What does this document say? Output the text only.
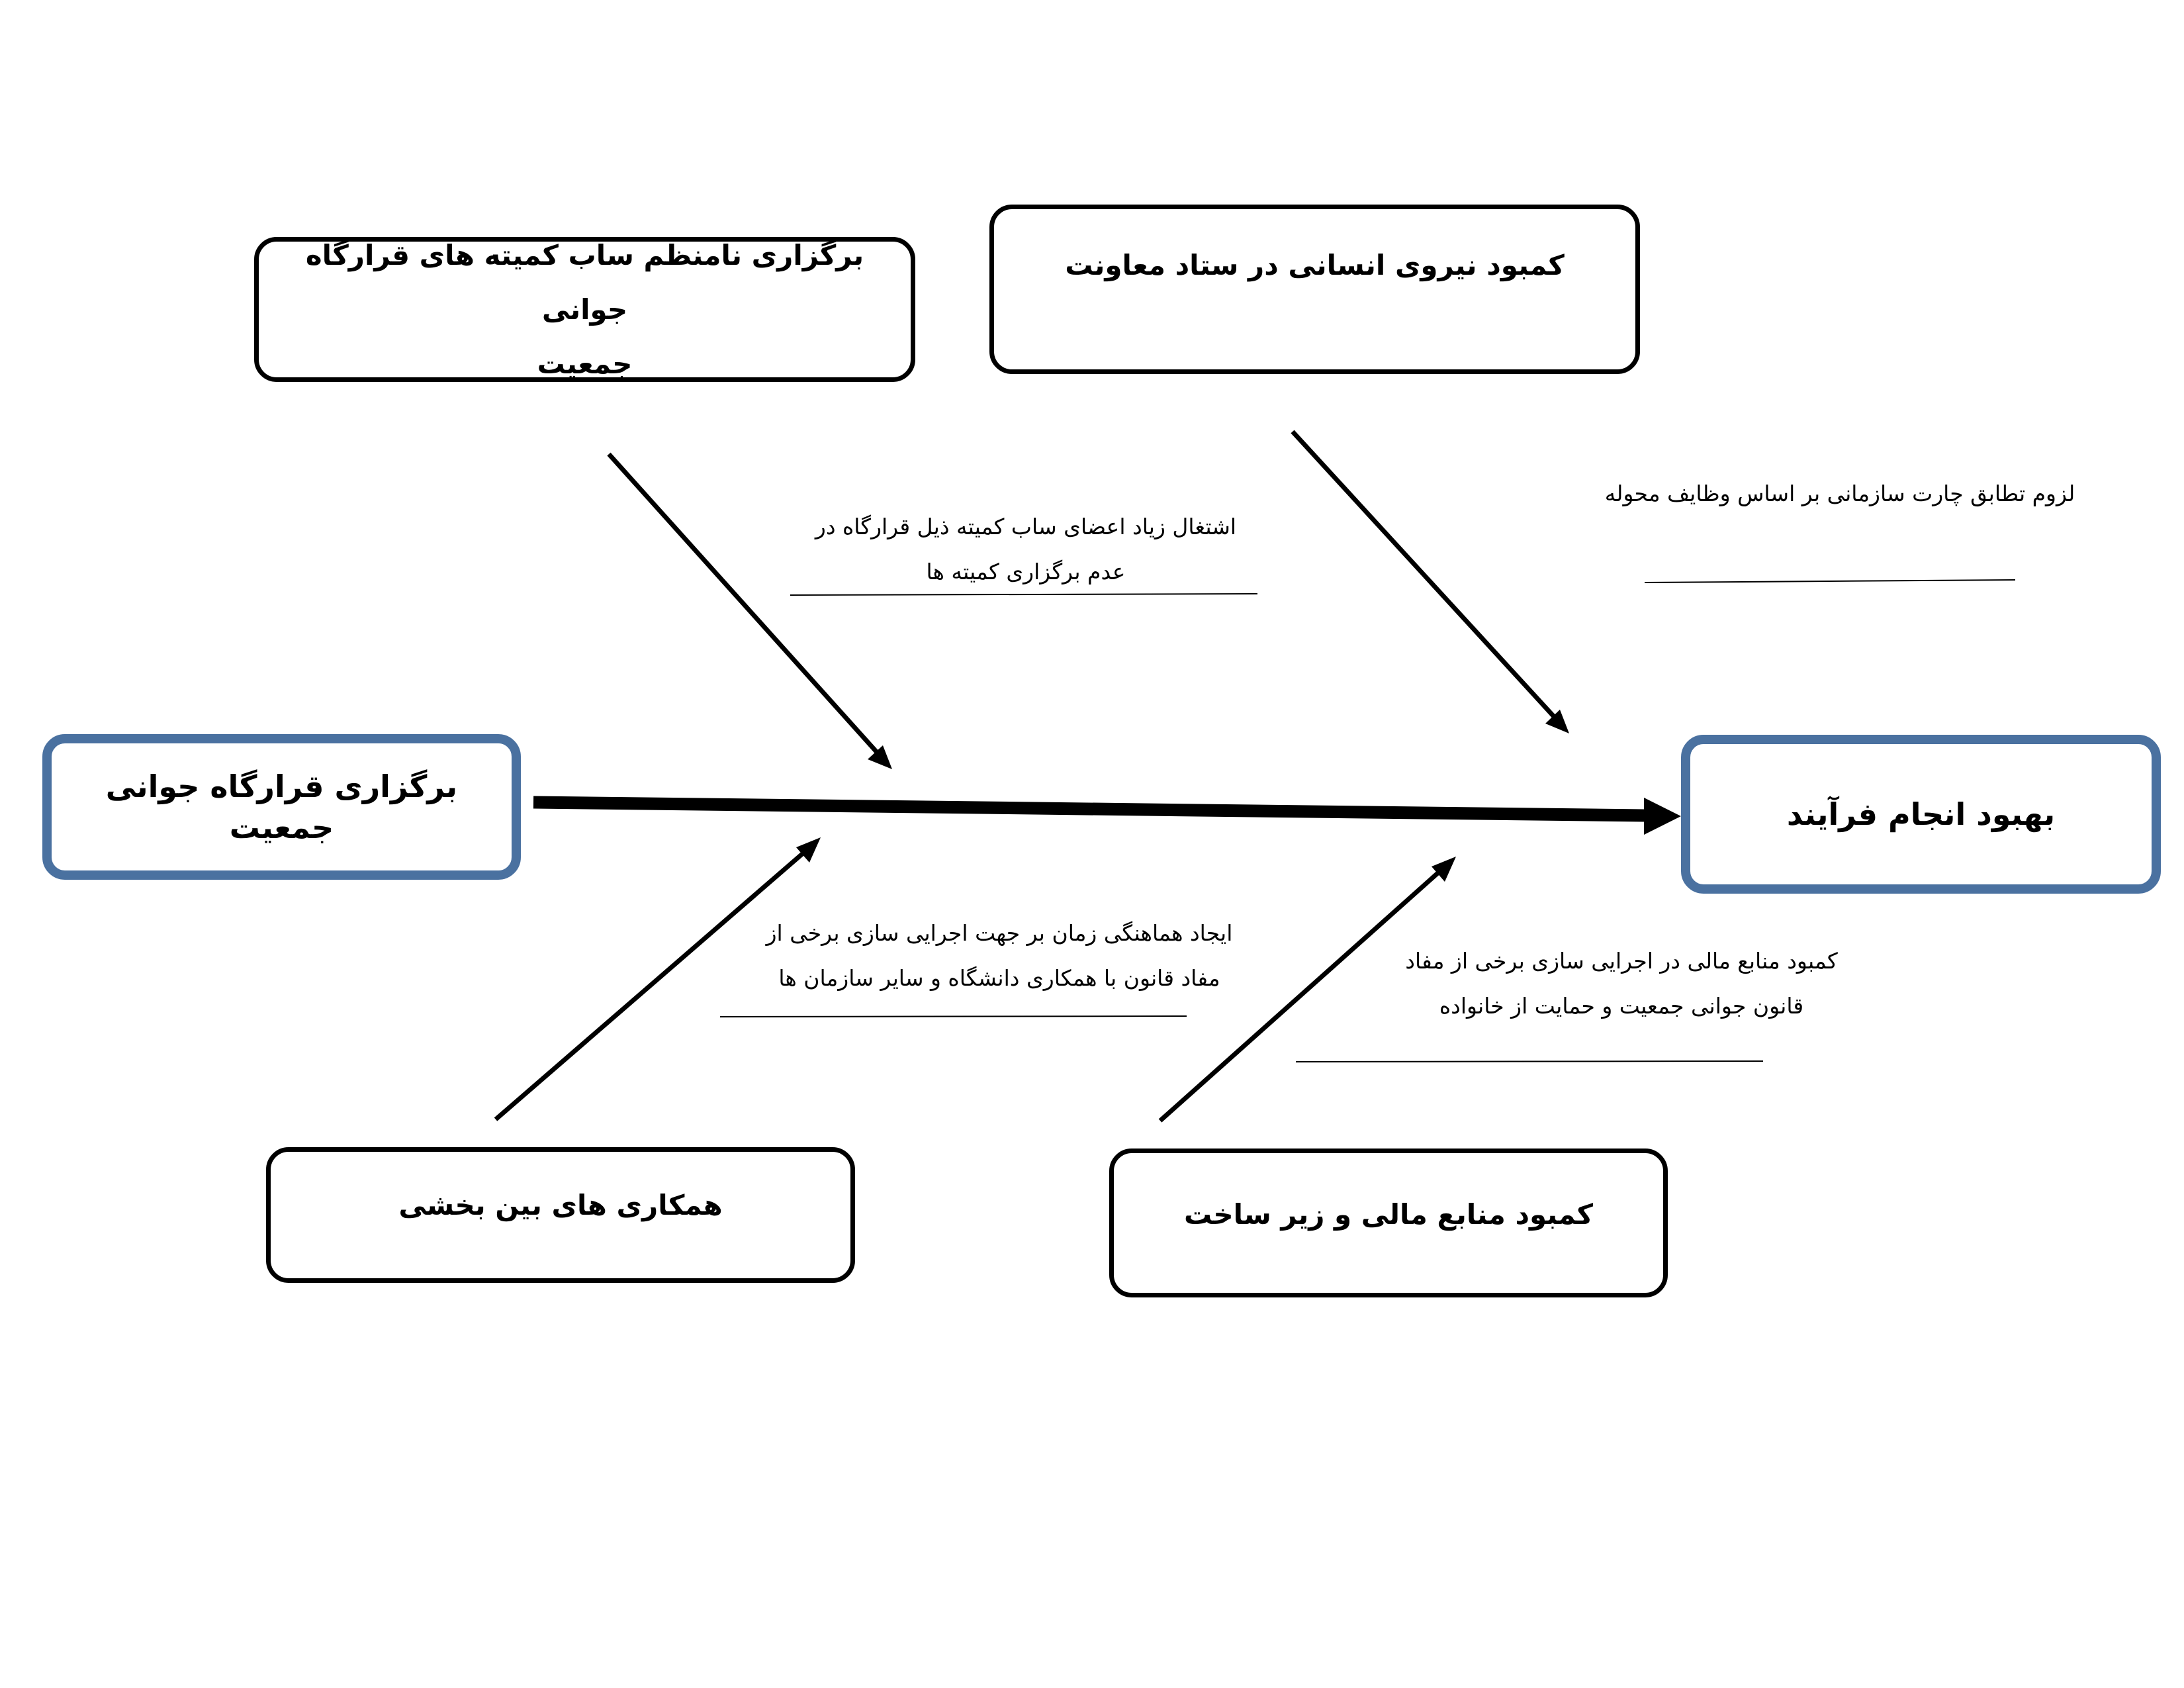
برگزاری قرارگاه جوانی جمعیت	بهبود انجام فرآیند
برگزاری نامنظم ساب کمیته های قرارگاه جوانی
جمعیت
کمبود نیروی انسانی در ستاد معاونت
همکاری های بین بخشی	کمبود منابع مالی و زیر ساخت
اشتغال زیاد اعضای ساب کمیته ذیل قرارگاه در
عدم برگزاری کمیته ها
لزوم تطابق چارت سازمانی بر اساس وظایف محوله
ایجاد هماهنگی زمان بر جهت اجرایی سازی برخی از
مفاد قانون با همکاری دانشگاه و سایر سازمان ها
کمبود منابع مالی در اجرایی سازی برخی از مفاد
قانون جوانی جمعیت و حمایت از خانواده
